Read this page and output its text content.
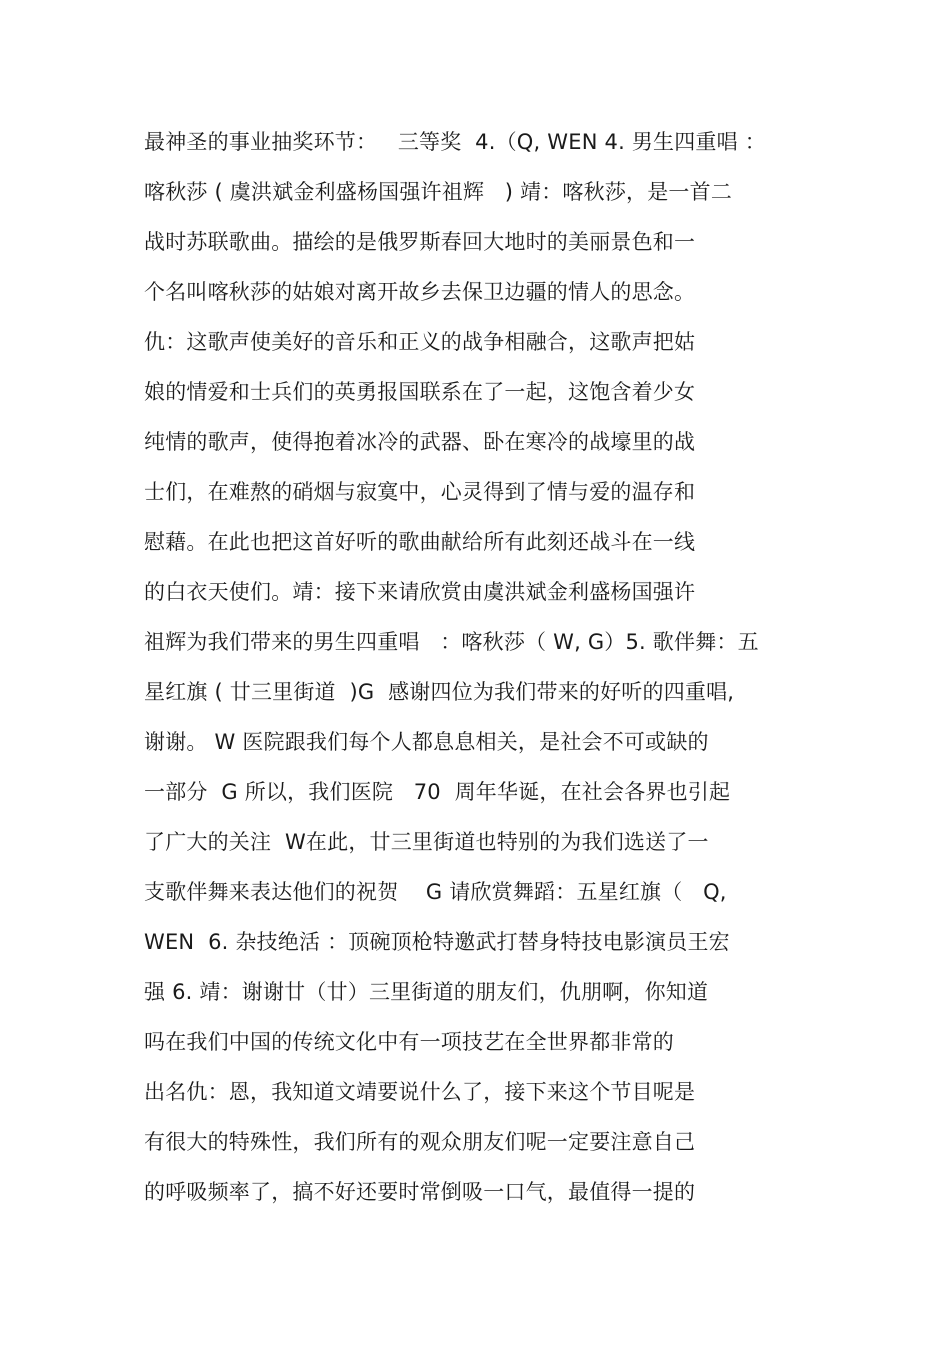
最神圣的事业抽奖环节：   三等奖  4.（Q, WEN 4. 男生四重唱 ：
喀秋莎 ( 虞洪斌金利盛杨国强许祖辉   ) 靖：喀秋莎，是一首二
战时苏联歌曲。描绘的是俄罗斯春回大地时的美丽景色和一
个名叫喀秋莎的姑娘对离开故乡去保卫边疆的情人的思念。
仇：这歌声使美好的音乐和正义的战争相融合，这歌声把姑
娘的情爱和士兵们的英勇报国联系在了一起，这饱含着少女
纯情的歌声，使得抱着冰冷的武器、卧在寒冷的战壕里的战
士们，在难熬的硝烟与寂寞中，心灵得到了情与爱的温存和
慰藉。在此也把这首好听的歌曲献给所有此刻还战斗在一线
的白衣天使们。靖：接下来请欣赏由虞洪斌金利盛杨国强许
祖辉为我们带来的男生四重唱   ：喀秋莎（ W, G）5. 歌伴舞：五
星红旗 ( 廿三里街道  )G  感谢四位为我们带来的好听的四重唱,
谢谢。 W 医院跟我们每个人都息息相关，是社会不可或缺的
一部分  G 所以，我们医院   70  周年华诞，在社会各界也引起
了广大的关注  W在此，廿三里街道也特别的为我们选送了一
支歌伴舞来表达他们的祝贺    G 请欣赏舞蹈：五星红旗（   Q,
WEN  6. 杂技绝活 ：顶碗顶枪特邀武打替身特技电影演员王宏
强 6. 靖：谢谢廿（廿）三里街道的朋友们，仇朋啊，你知道
吗在我们中国的传统文化中有一项技艺在全世界都非常的
出名仇：恩，我知道文靖要说什么了，接下来这个节目呢是
有很大的特殊性，我们所有的观众朋友们呢一定要注意自己
的呼吸频率了，搞不好还要时常倒吸一口气，最值得一提的
